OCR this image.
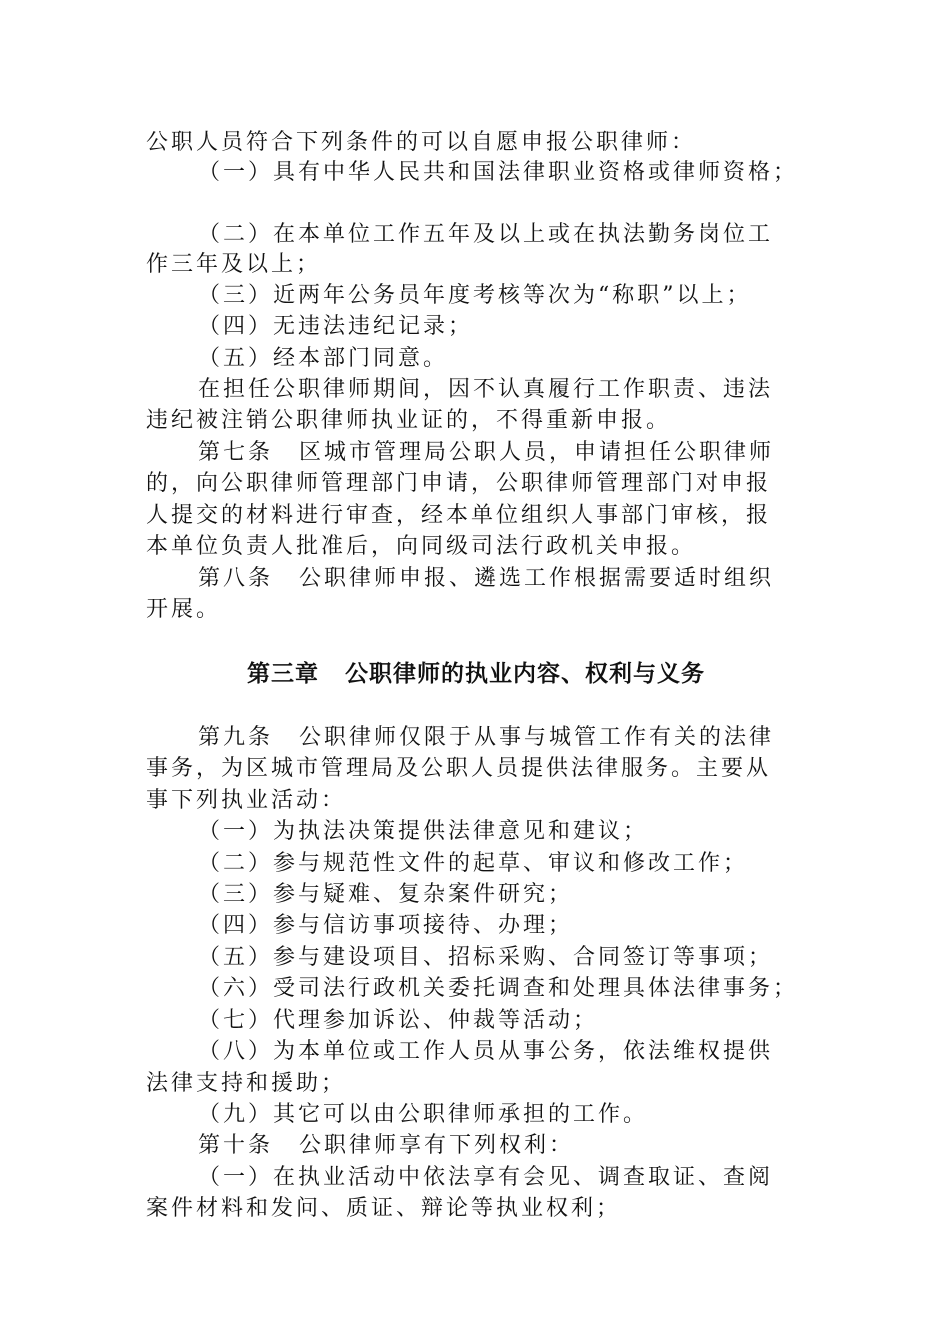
公职人员符合下列条件的可以自愿申报公职律师：

（一）具有中华人民共和国法律职业资格或律师资格；

（二）在本单位工作五年及以上或在执法勤务岗位工

作三年及以上；

（三）近两年公务员年度考核等次为“称职”以上；

（四）无违法违纪记录；

（五）经本部门同意。

在担任公职律师期间，因不认真履行工作职责、违法

违纪被注销公职律师执业证的，不得重新申报。

第七条 区城市管理局公职人员，申请担任公职律师

的，向公职律师管理部门申请，公职律师管理部门对申报

人提交的材料进行审查，经本单位组织人事部门审核，报

本单位负责人批准后，向同级司法行政机关申报。

第八条 公职律师申报、遴选工作根据需要适时组织

开展。

第三章 公职律师的执业内容、权利与义务

第九条 公职律师仅限于从事与城管工作有关的法律

事务，为区城市管理局及公职人员提供法律服务。主要从

事下列执业活动：

（一）为执法决策提供法律意见和建议；

（二）参与规范性文件的起草、审议和修改工作；

（三）参与疑难、复杂案件研究；

（四）参与信访事项接待、办理；

（五）参与建设项目、招标采购、合同签订等事项；

（六）受司法行政机关委托调查和处理具体法律事务；

（七）代理参加诉讼、仲裁等活动；

（八）为本单位或工作人员从事公务，依法维权提供

法律支持和援助；

（九）其它可以由公职律师承担的工作。

第十条 公职律师享有下列权利：

（一）在执业活动中依法享有会见、调查取证、查阅

案件材料和发问、质证、辩论等执业权利；
